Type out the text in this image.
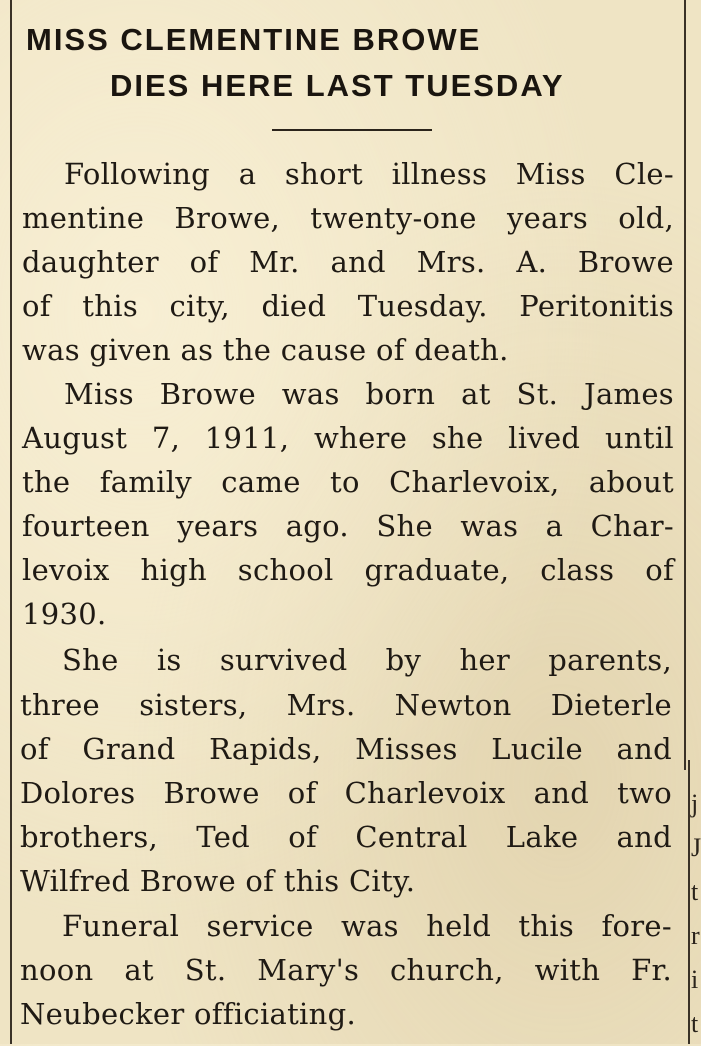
j
J
t
r
i
t
MISS CLEMENTINE BROWE
DIES HERE LAST TUESDAY
Following a short illness Miss Cle-
mentine Browe, twenty-one years old,
daughter of Mr. and Mrs. A. Browe
of this city, died Tuesday. Peritonitis
was given as the cause of death.
Miss Browe was born at St. James
August 7, 1911, where she lived until
the family came to Charlevoix, about
fourteen years ago. She was a Char-
levoix high school graduate, class of
1930.
She is survived by her parents,
three sisters, Mrs. Newton Dieterle
of Grand Rapids, Misses Lucile and
Dolores Browe of Charlevoix and two
brothers, Ted of Central Lake and
Wilfred Browe of this City.
Funeral service was held this fore-
noon at St. Mary's church, with Fr.
Neubecker officiating.
